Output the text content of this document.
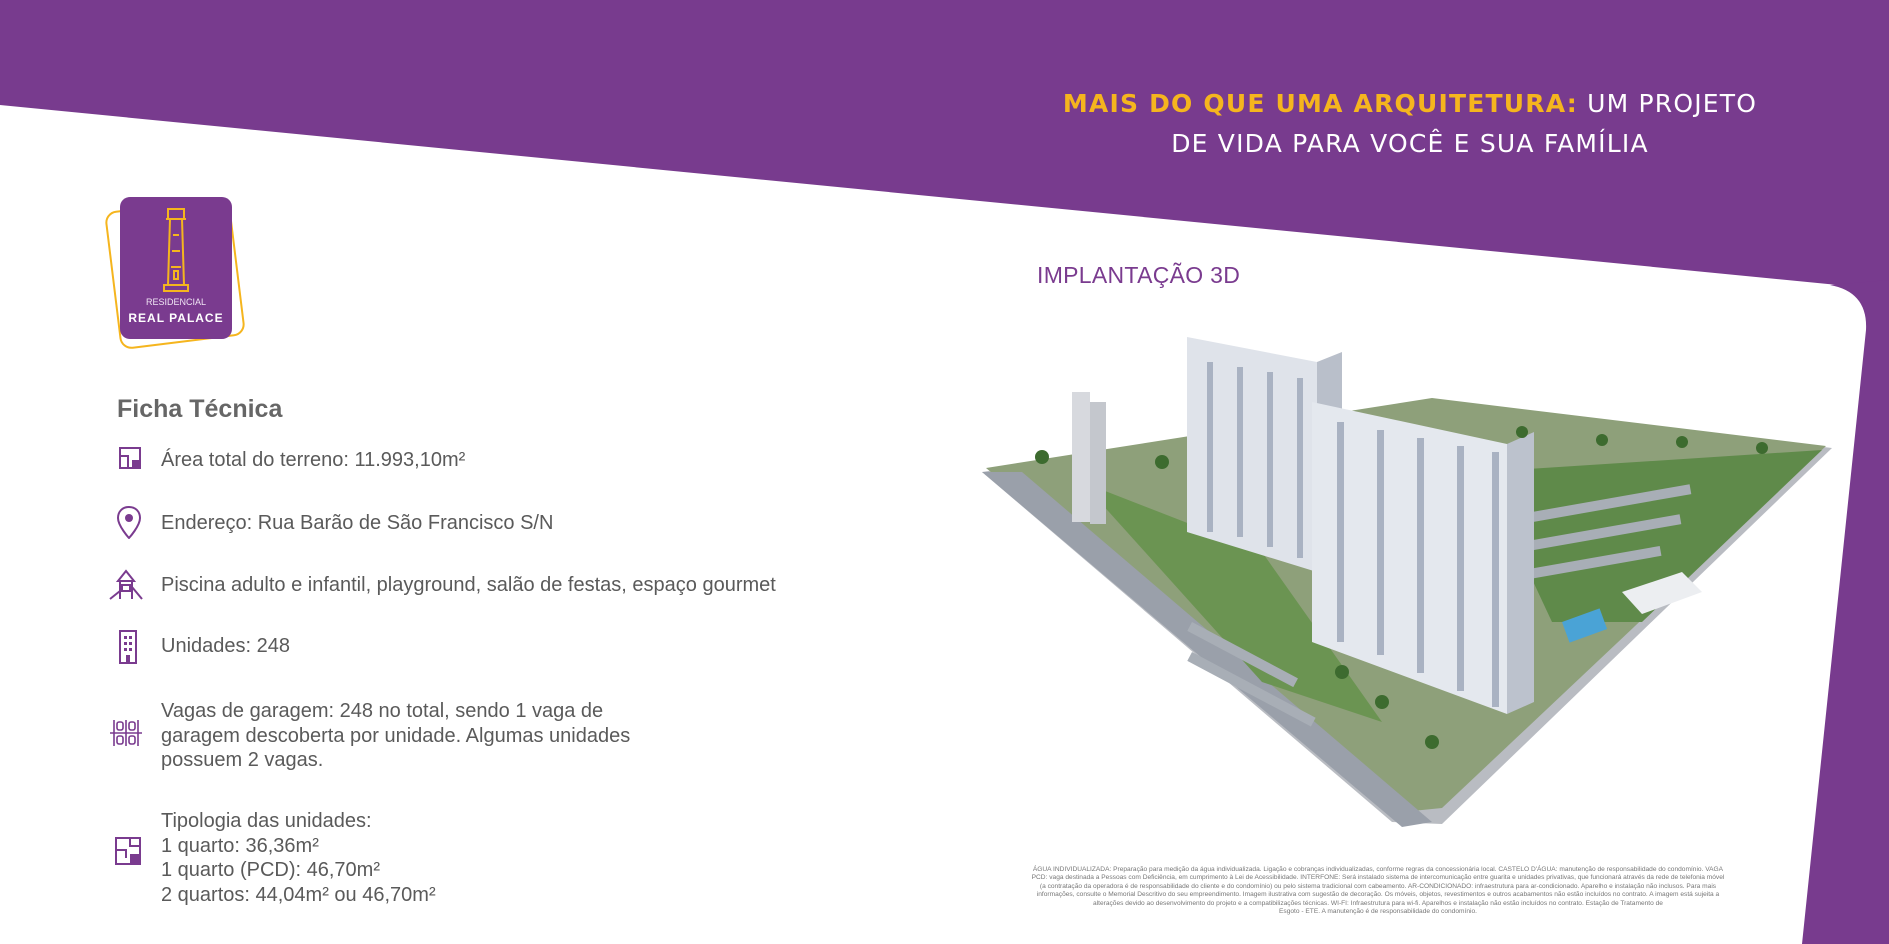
MAIS DO QUE UMA ARQUITETURA: UM PROJETO
DE VIDA PARA VOCÊ E SUA FAMÍLIA
RESIDENCIAL
REAL PALACE
Ficha Técnica
Área total do terreno: 11.993,10m²
Endereço: Rua Barão de São Francisco S/N
Piscina adulto e infantil, playground, salão de festas, espaço gourmet
Unidades: 248
Vagas de garagem: 248 no total, sendo 1 vaga de
garagem descoberta por unidade. Algumas unidades
possuem 2 vagas.
Tipologia das unidades:
1 quarto: 36,36m²
1 quarto (PCD): 46,70m²
2 quartos: 44,04m² ou 46,70m²
IMPLANTAÇÃO 3D
ÁGUA INDIVIDUALIZADA: Preparação para medição da água individualizada. Ligação e cobranças individualizadas, conforme regras da concessionária local. CASTELO D'ÁGUA: manutenção de responsabilidade do condomínio. VAGA
PCD: vaga destinada a Pessoas com Deficiência, em cumprimento à Lei de Acessibilidade. INTERFONE: Será instalado sistema de intercomunicação entre guarita e unidades privativas, que funcionará através da rede de telefonia móvel
(a contratação da operadora é de responsabilidade do cliente e do condomínio) ou pelo sistema tradicional com cabeamento. AR-CONDICIONADO: infraestrutura para ar-condicionado. Aparelho e instalação não inclusos. Para mais
informações, consulte o Memorial Descritivo do seu empreendimento. Imagem ilustrativa com sugestão de decoração. Os móveis, objetos, revestimentos e outros acabamentos não estão incluídos no contrato. A imagem está sujeita a
alterações devido ao desenvolvimento do projeto e a compatibilizações técnicas. WI-FI: Infraestrutura para wi-fi. Aparelhos e instalação não estão incluídos no contrato. Estação de Tratamento de
Esgoto - ETE. A manutenção é de responsabilidade do condomínio.
